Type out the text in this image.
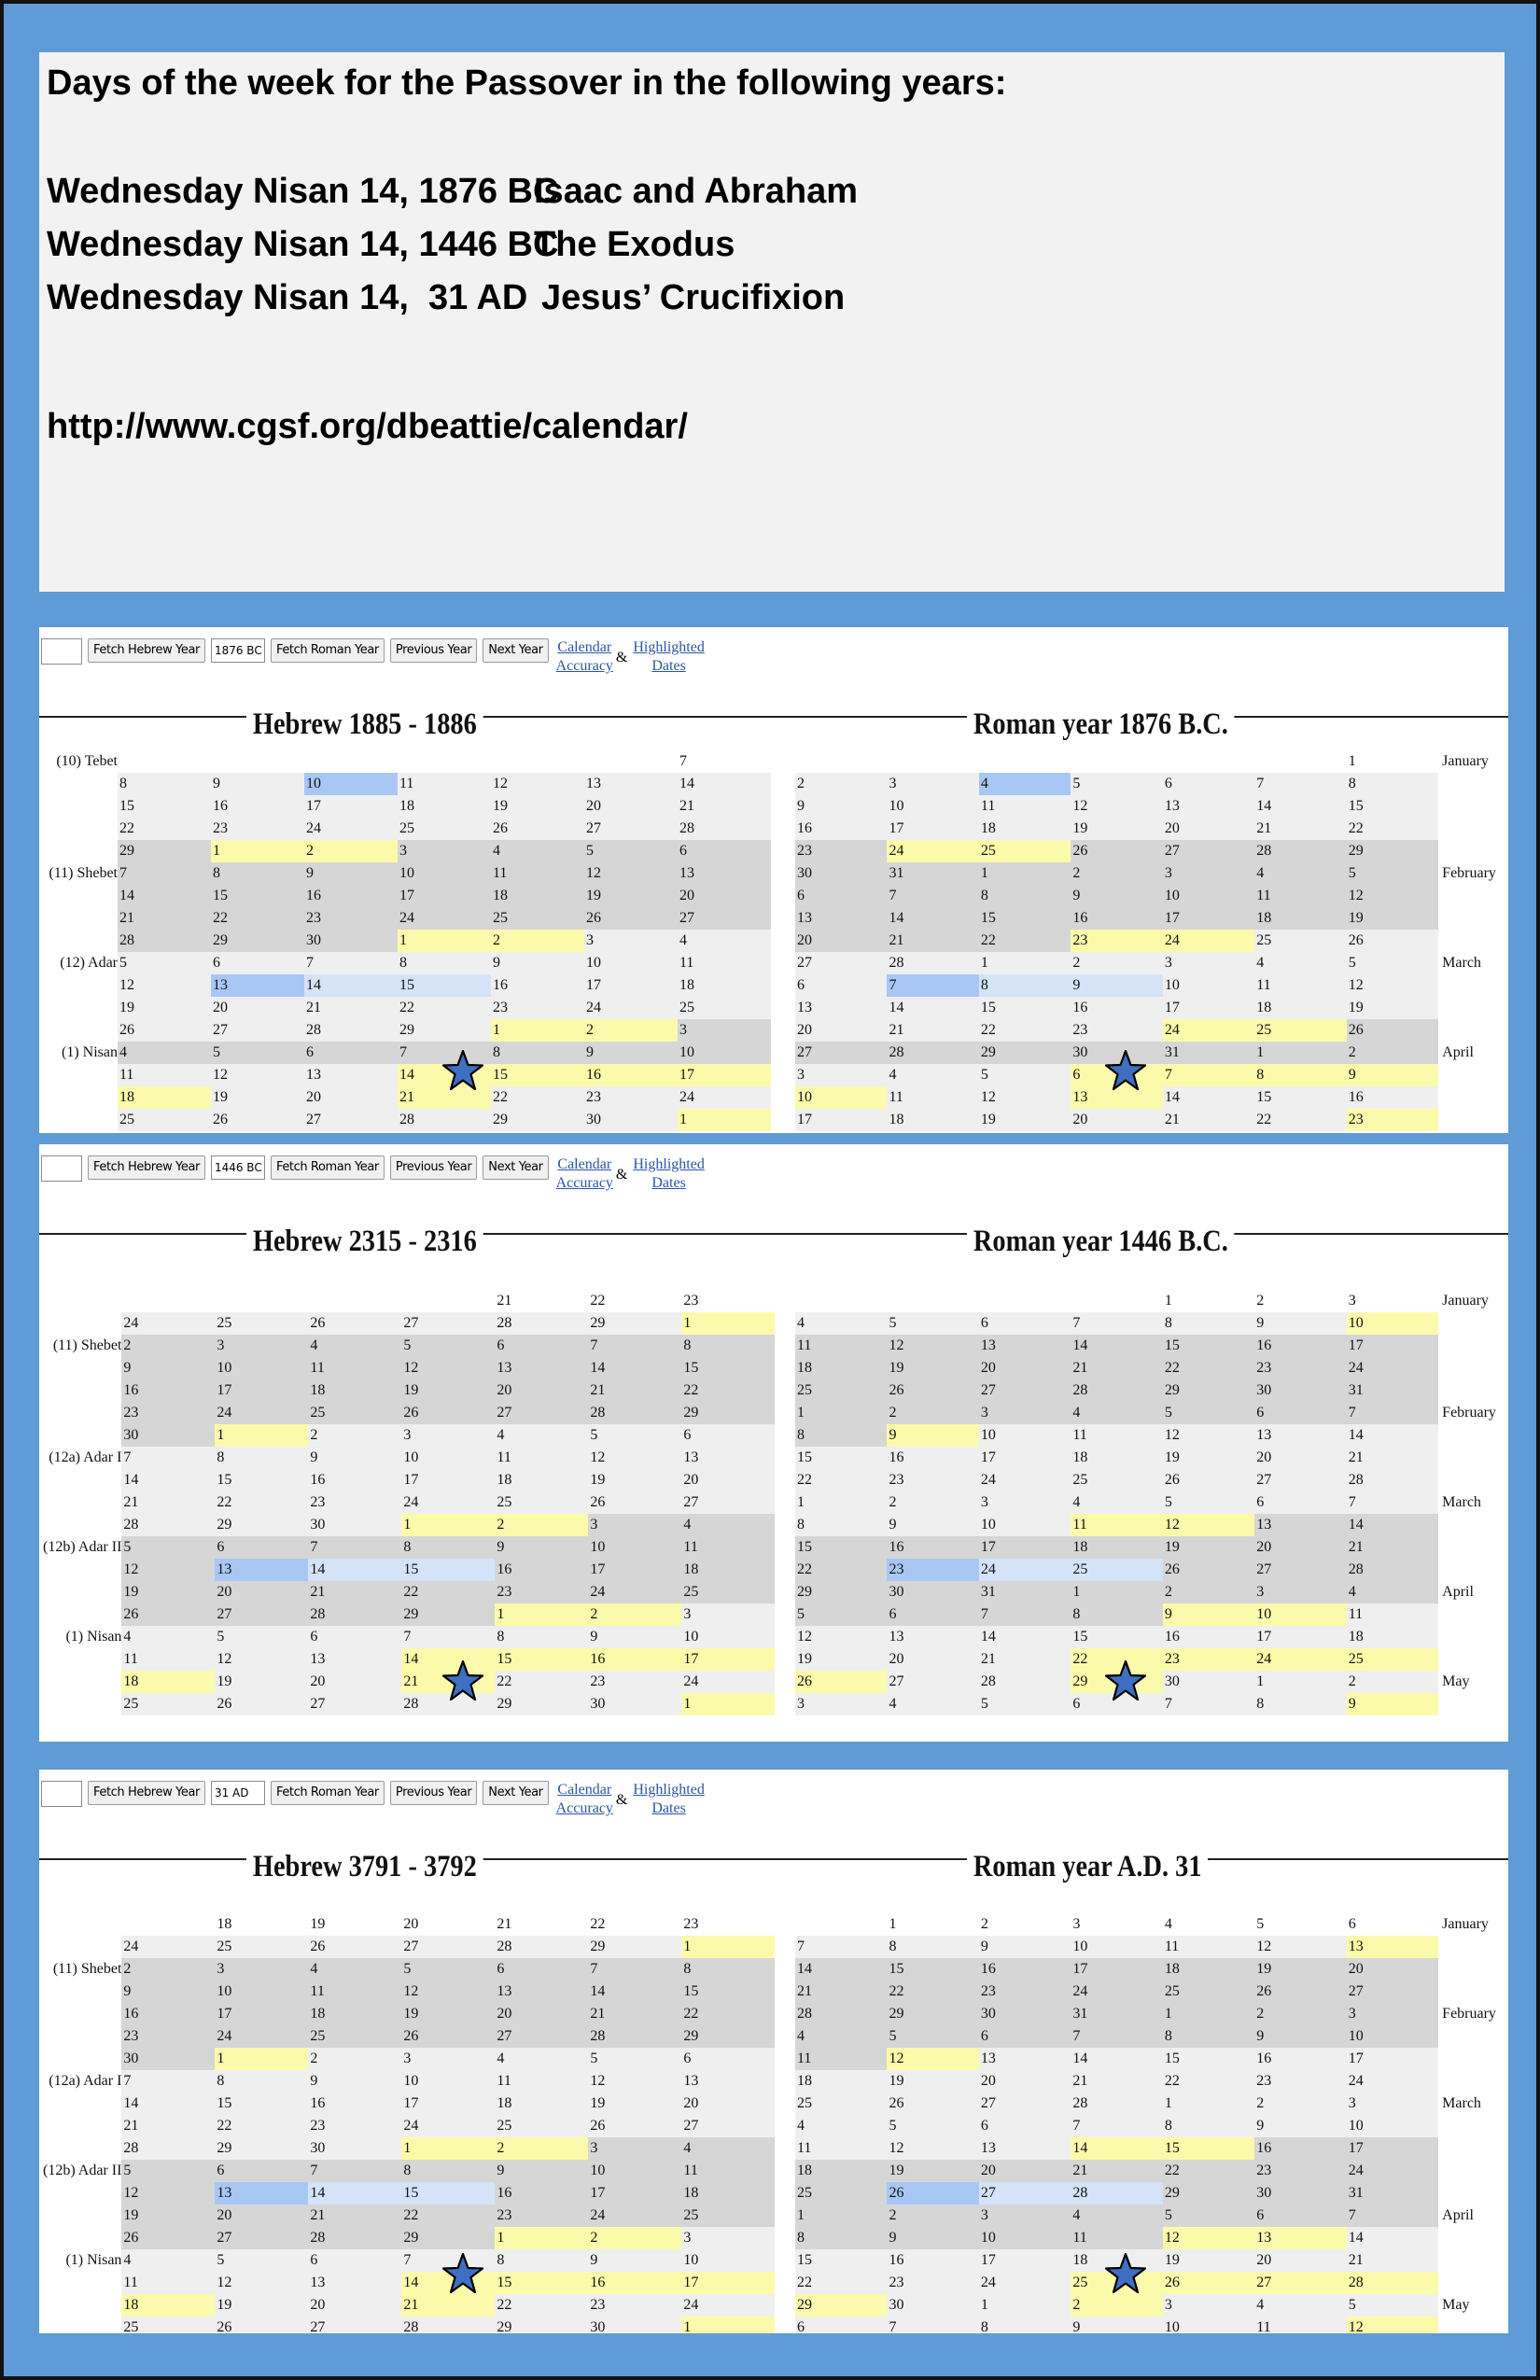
Days of the week for the Passover in the following years:
Wednesday Nisan 14, 1876 BC
Isaac and Abraham
Wednesday Nisan 14, 1446 BC
The Exodus
Wednesday Nisan 14,  31 AD Jesus’ Crucifixion
http://www.cgsf.org/dbeattie/calendar/
Fetch Hebrew Year	1876 BC	Fetch Roman Year	Previous Year	Next Year Calendar
Accuracy
&
Highlighted
Dates
Hebrew 1885 - 1886	Roman year 1876 B.C.
(10) Tebet							7
	8	9	10	11	12	13	14
	15	16	17	18	19	20	21
	22	23	24	25	26	27	28
	29	1	2	3	4	5	6
(11) Shebet	7	8	9	10	11	12	13
	14	15	16	17	18	19	20
	21	22	23	24	25	26	27
	28	29	30	1	2	3	4
(12) Adar	5	6	7	8	9	10	11
	12	13	14	15	16	17	18
	19	20	21	22	23	24	25
	26	27	28	29	1	2	3
(1) Nisan	4	5	6	7	8	9	10
	11	12	13	14	15	16	17
	18	19	20	21	22	23	24
	25	26	27	28	29	30	1
						1	January
2	3	4	5	6	7	8	
9	10	11	12	13	14	15	
16	17	18	19	20	21	22	
23	24	25	26	27	28	29	
30	31	1	2	3	4	5	February
6	7	8	9	10	11	12	
13	14	15	16	17	18	19	
20	21	22	23	24	25	26	
27	28	1	2	3	4	5	March
6	7	8	9	10	11	12	
13	14	15	16	17	18	19	
20	21	22	23	24	25	26	
27	28	29	30	31	1	2	April
3	4	5	6	7	8	9	
10	11	12	13	14	15	16	
17	18	19	20	21	22	23	
Fetch Hebrew Year	1446 BC	Fetch Roman Year	Previous Year	Next Year Calendar
Accuracy
&
Highlighted
Dates
Hebrew 2315 - 2316	Roman year 1446 B.C.
					21	22	23
	24	25	26	27	28	29	1
(11) Shebet	2	3	4	5	6	7	8
	9	10	11	12	13	14	15
	16	17	18	19	20	21	22
	23	24	25	26	27	28	29
	30	1	2	3	4	5	6
(12a) Adar I	7	8	9	10	11	12	13
	14	15	16	17	18	19	20
	21	22	23	24	25	26	27
	28	29	30	1	2	3	4
(12b) Adar II	5	6	7	8	9	10	11
	12	13	14	15	16	17	18
	19	20	21	22	23	24	25
	26	27	28	29	1	2	3
(1) Nisan	4	5	6	7	8	9	10
	11	12	13	14	15	16	17
	18	19	20	21	22	23	24
	25	26	27	28	29	30	1
				1	2	3	January
4	5	6	7	8	9	10	
11	12	13	14	15	16	17	
18	19	20	21	22	23	24	
25	26	27	28	29	30	31	
1	2	3	4	5	6	7	February
8	9	10	11	12	13	14	
15	16	17	18	19	20	21	
22	23	24	25	26	27	28	
1	2	3	4	5	6	7	March
8	9	10	11	12	13	14	
15	16	17	18	19	20	21	
22	23	24	25	26	27	28	
29	30	31	1	2	3	4	April
5	6	7	8	9	10	11	
12	13	14	15	16	17	18	
19	20	21	22	23	24	25	
26	27	28	29	30	1	2	May
3	4	5	6	7	8	9	
Fetch Hebrew Year	31 AD	Fetch Roman Year	Previous Year	Next Year Calendar
Accuracy
&
Highlighted
Dates
Hebrew 3791 - 3792	Roman year A.D. 31
		18	19	20	21	22	23
	24	25	26	27	28	29	1
(11) Shebet	2	3	4	5	6	7	8
	9	10	11	12	13	14	15
	16	17	18	19	20	21	22
	23	24	25	26	27	28	29
	30	1	2	3	4	5	6
(12a) Adar I	7	8	9	10	11	12	13
	14	15	16	17	18	19	20
	21	22	23	24	25	26	27
	28	29	30	1	2	3	4
(12b) Adar II	5	6	7	8	9	10	11
	12	13	14	15	16	17	18
	19	20	21	22	23	24	25
	26	27	28	29	1	2	3
(1) Nisan	4	5	6	7	8	9	10
	11	12	13	14	15	16	17
	18	19	20	21	22	23	24
	25	26	27	28	29	30	1
	1	2	3	4	5	6	January
7	8	9	10	11	12	13	
14	15	16	17	18	19	20	
21	22	23	24	25	26	27	
28	29	30	31	1	2	3	February
4	5	6	7	8	9	10	
11	12	13	14	15	16	17	
18	19	20	21	22	23	24	
25	26	27	28	1	2	3	March
4	5	6	7	8	9	10	
11	12	13	14	15	16	17	
18	19	20	21	22	23	24	
25	26	27	28	29	30	31	
1	2	3	4	5	6	7	April
8	9	10	11	12	13	14	
15	16	17	18	19	20	21	
22	23	24	25	26	27	28	
29	30	1	2	3	4	5	May
6	7	8	9	10	11	12	
